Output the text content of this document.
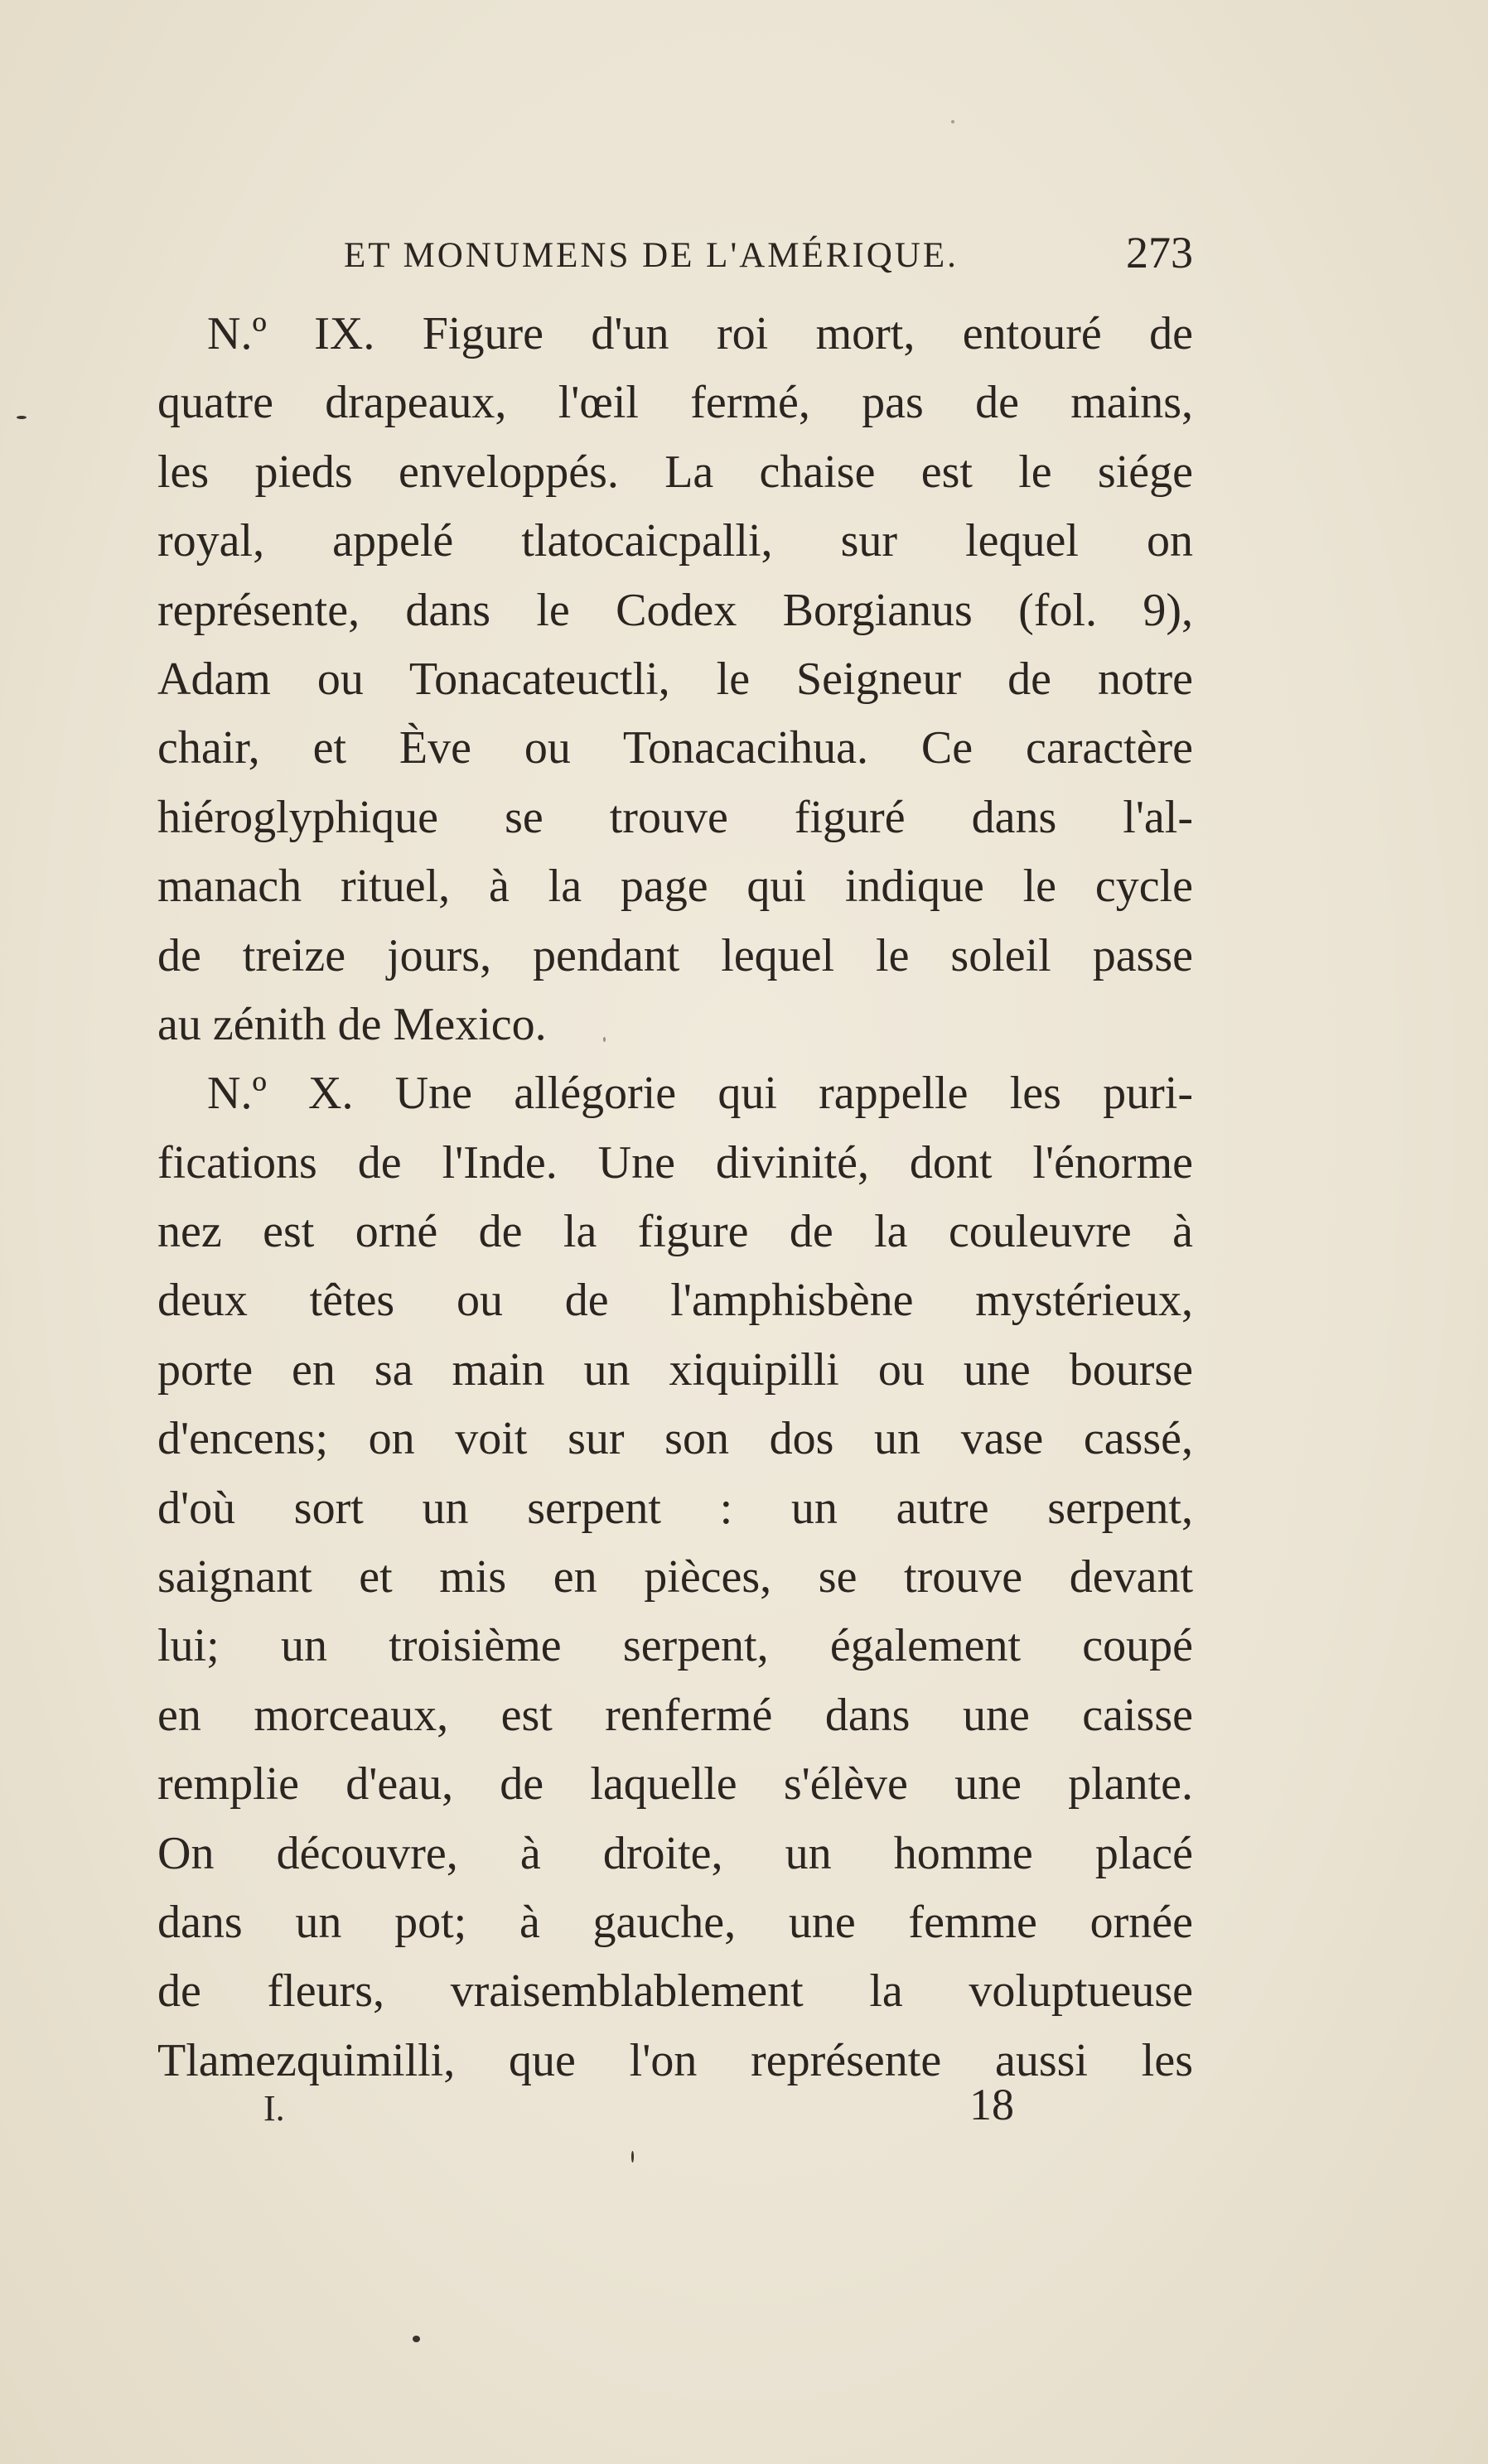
ET MONUMENS DE L'AMÉRIQUE.	273
N.º IX. Figure d'un roi mort, entouré de
quatre drapeaux, l'œil fermé, pas de mains,
les pieds enveloppés. La chaise est le siége
royal, appelé tlatocaicpalli, sur lequel on
représente, dans le Codex Borgianus (fol. 9),
Adam ou Tonacateuctli, le Seigneur de notre
chair, et Ève ou Tonacacihua. Ce caractère
hiéroglyphique se trouve figuré dans l'al-
manach rituel, à la page qui indique le cycle
de treize jours, pendant lequel le soleil passe
au zénith de Mexico.
N.º X. Une allégorie qui rappelle les puri-
fications de l'Inde. Une divinité, dont l'énorme
nez est orné de la figure de la couleuvre à
deux têtes ou de l'amphisbène mystérieux,
porte en sa main un xiquipilli ou une bourse
d'encens; on voit sur son dos un vase cassé,
d'où sort un serpent : un autre serpent,
saignant et mis en pièces, se trouve devant
lui; un troisième serpent, également coupé
en morceaux, est renfermé dans une caisse
remplie d'eau, de laquelle s'élève une plante.
On découvre, à droite, un homme placé
dans un pot; à gauche, une femme ornée
de fleurs, vraisemblablement la voluptueuse
Tlamezquimilli, que l'on représente aussi les
I.	18
